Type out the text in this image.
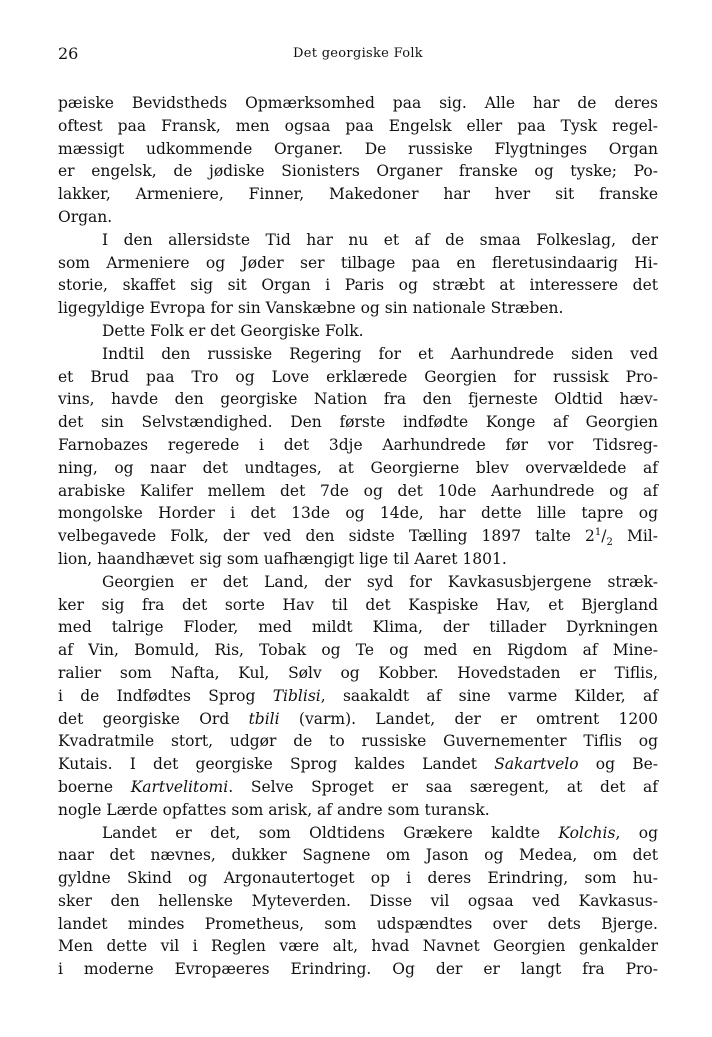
26	Det georgiske Folk
pæiske Bevidstheds Opmærksomhed paa sig. Alle har de deres
oftest paa Fransk, men ogsaa paa Engelsk eller paa Tysk regel-
mæssigt udkommende Organer. De russiske Flygtninges Organ
er engelsk, de jødiske Sionisters Organer franske og tyske; Po-
lakker, Armeniere, Finner, Makedoner har hver sit franske
Organ.
I den allersidste Tid har nu et af de smaa Folkeslag, der
som Armeniere og Jøder ser tilbage paa en fleretusindaarig Hi-
storie, skaffet sig sit Organ i Paris og stræbt at interessere det
ligegyldige Evropa for sin Vanskæbne og sin nationale Stræben.
Dette Folk er det Georgiske Folk.
Indtil den russiske Regering for et Aarhundrede siden ved
et Brud paa Tro og Love erklærede Georgien for russisk Pro-
vins, havde den georgiske Nation fra den fjerneste Oldtid hæv-
det sin Selvstændighed. Den første indfødte Konge af Georgien
Farnobazes regerede i det 3dje Aarhundrede før vor Tidsreg-
ning, og naar det undtages, at Georgierne blev overvældede af
arabiske Kalifer mellem det 7de og det 10de Aarhundrede og af
mongolske Horder i det 13de og 14de, har dette lille tapre og
velbegavede Folk, der ved den sidste Tælling 1897 talte $2^1/_2$ Mil-
lion, haandhævet sig som uafhængigt lige til Aaret 1801.
Georgien er det Land, der syd for Kavkasusbjergene stræk-
ker sig fra det sorte Hav til det Kaspiske Hav, et Bjergland
med talrige Floder, med mildt Klima, der tillader Dyrkningen
af Vin, Bomuld, Ris, Tobak og Te og med en Rigdom af Mine-
ralier som Nafta, Kul, Sølv og Kobber. Hovedstaden er Tiflis,
i de Indfødtes Sprog Tiblisi, saakaldt af sine varme Kilder, af
det georgiske Ord tbili (varm). Landet, der er omtrent 1200
Kvadratmile stort, udgør de to russiske Guvernementer Tiflis og
Kutais. I det georgiske Sprog kaldes Landet Sakartvelo og Be-
boerne Kartvelitomi. Selve Sproget er saa særegent, at det af
nogle Lærde opfattes som arisk, af andre som turansk.
Landet er det, som Oldtidens Grækere kaldte Kolchis, og
naar det nævnes, dukker Sagnene om Jason og Medea, om det
gyldne Skind og Argonautertoget op i deres Erindring, som hu-
sker den hellenske Myteverden. Disse vil ogsaa ved Kavkasus-
landet mindes Prometheus, som udspændtes over dets Bjerge.
Men dette vil i Reglen være alt, hvad Navnet Georgien genkalder
i moderne Evropæeres Erindring. Og der er langt fra Pro-
